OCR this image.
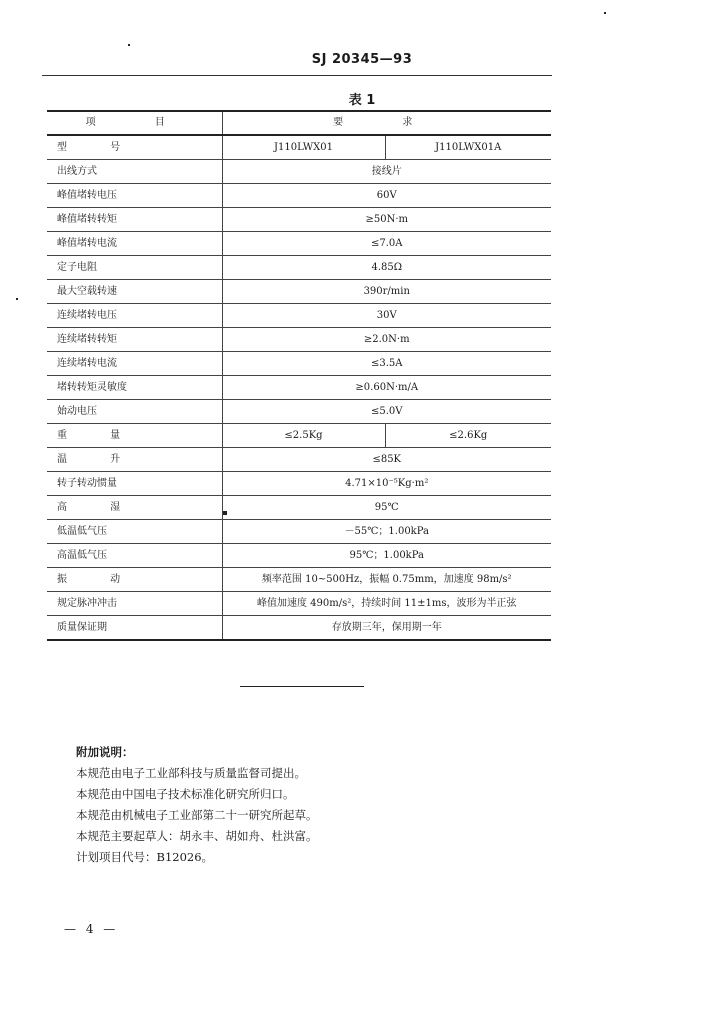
SJ 20345—93
表 1
项 目	要 求	
型 号	J110LWX01	J110LWX01A
出线方式	接线片	
峰值堵转电压	60V	
峰值堵转转矩	≥50N·m	
峰值堵转电流	≤7.0A	
定子电阻	4.85Ω	
最大空载转速	390r/min	
连续堵转电压	30V	
连续堵转转矩	≥2.0N·m	
连续堵转电流	≤3.5A	
堵转转矩灵敏度	≥0.60N·m/A	
始动电压	≤5.0V	
重 量	≤2.5Kg	≤2.6Kg
温 升	≤85K	
转子转动惯量	4.71×10⁻⁵Kg·m²	
高 湿	95℃	
低温低气压	－55℃；1.00kPa	
高温低气压	95℃；1.00kPa	
振 动	频率范围 10~500Hz，振幅 0.75mm，加速度 98m/s²	
规定脉冲冲击	峰值加速度 490m/s²，持续时间 11±1ms，波形为半正弦	
质量保证期	存放期三年，保用期一年	
附加说明：
本规范由电子工业部科技与质量监督司提出。
本规范由中国电子技术标准化研究所归口。
本规范由机械电子工业部第二十一研究所起草。
本规范主要起草人：胡永丰、胡如舟、杜洪富。
计划项目代号：B12026。
— 4 —
